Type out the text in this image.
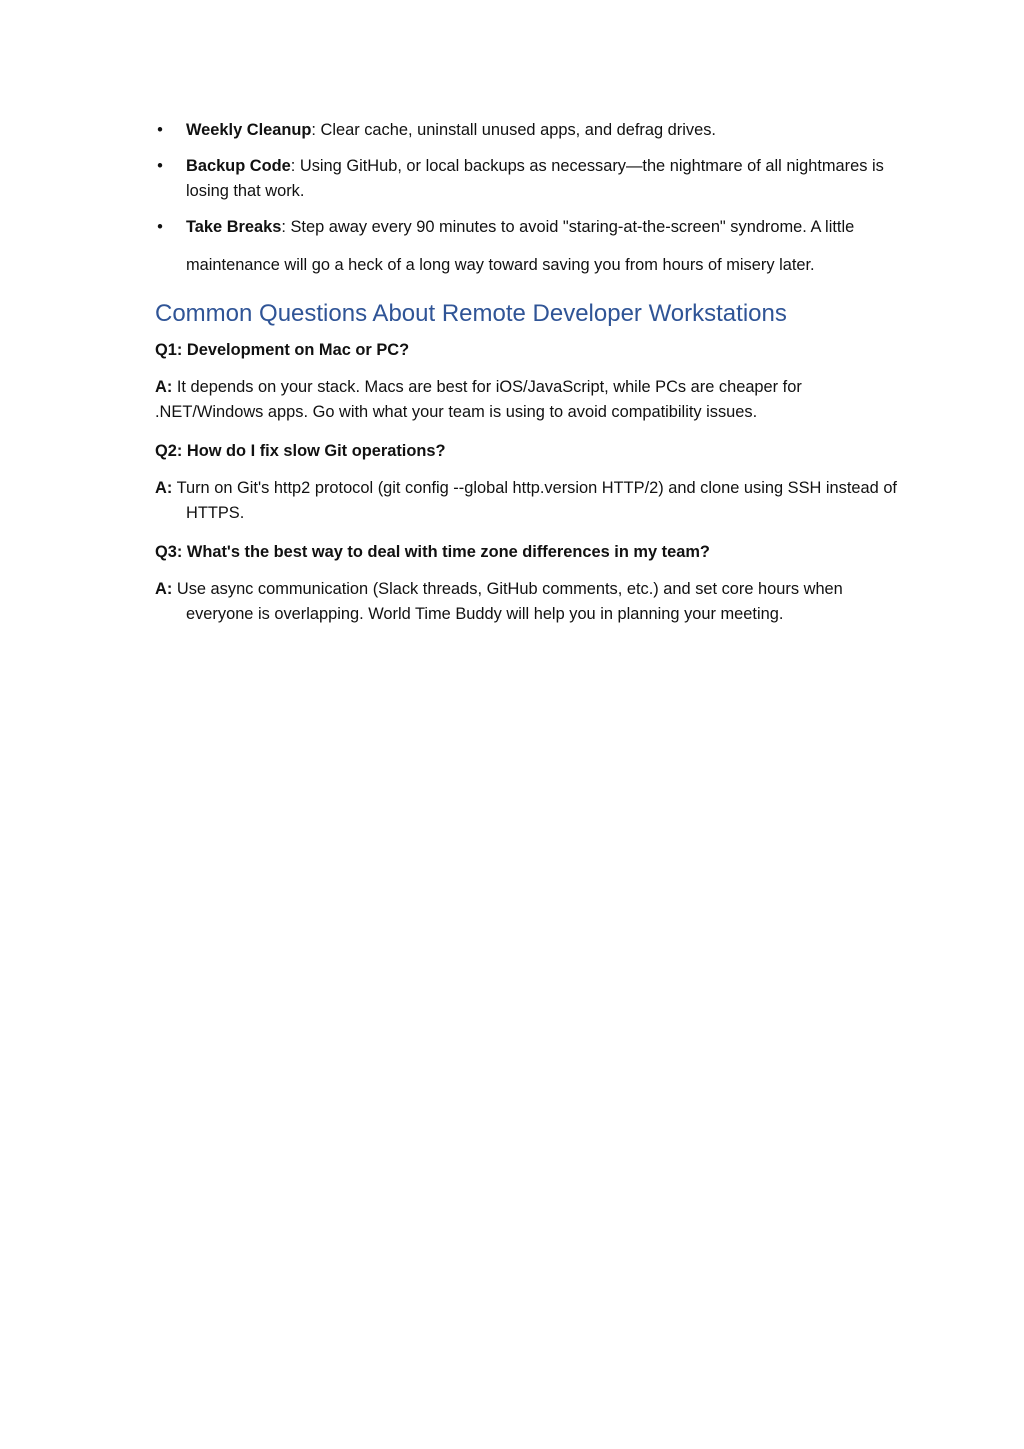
• Weekly Cleanup: Clear cache, uninstall unused apps, and defrag drives.
• Backup Code: Using GitHub, or local backups as necessary—the nightmare of all nightmares is losing that work.
• Take Breaks: Step away every 90 minutes to avoid "staring-at-the-screen" syndrome. A little
maintenance will go a heck of a long way toward saving you from hours of misery later.
Common Questions About Remote Developer Workstations

Q1: Development on Mac or PC?

A: It depends on your stack. Macs are best for iOS/JavaScript, while PCs are cheaper for .NET/Windows apps. Go with what your team is using to avoid compatibility issues.

Q2: How do I fix slow Git operations?

A: Turn on Git's http2 protocol (git config --global http.version HTTP/2) and clone using SSH instead of HTTPS.

Q3: What's the best way to deal with time zone differences in my team?

A: Use async communication (Slack threads, GitHub comments, etc.) and set core hours when everyone is overlapping. World Time Buddy will help you in planning your meeting.
